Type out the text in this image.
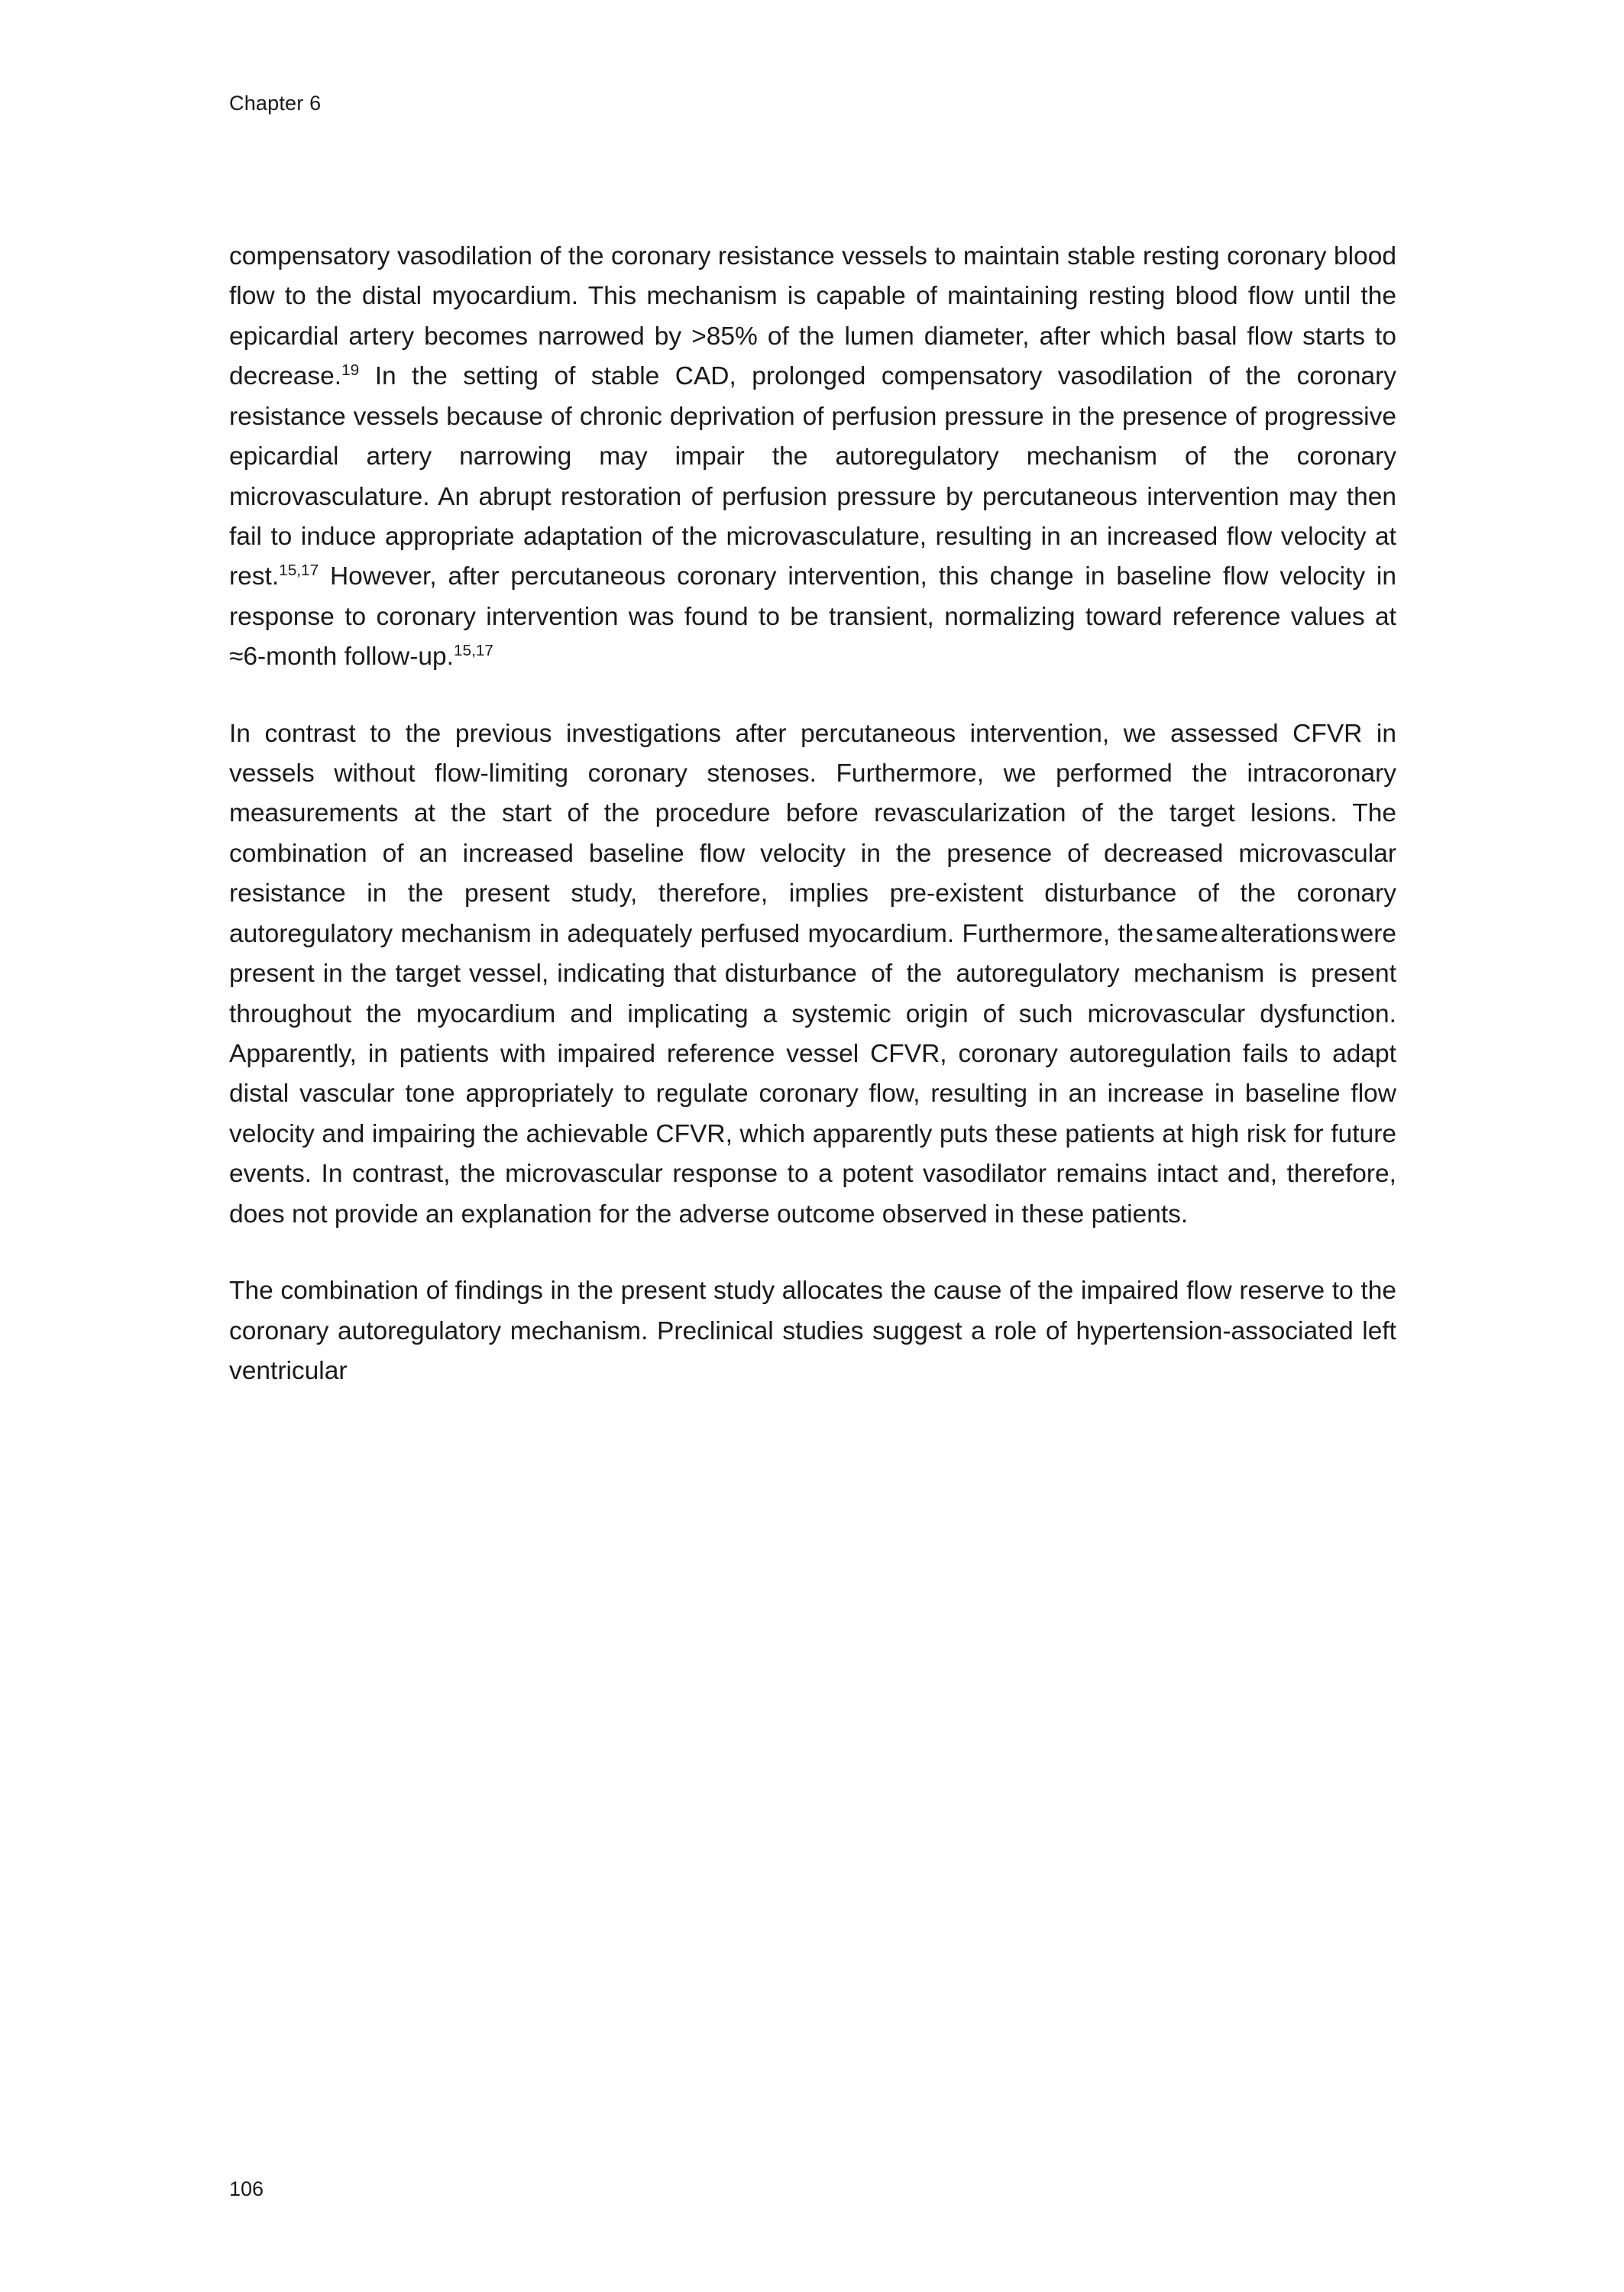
Chapter 6

compensatory vasodilation of the coronary resistance vessels to maintain stable resting coronary blood flow to the distal myocardium. This mechanism is capable of maintaining resting blood flow until the epicardial artery becomes narrowed by >85% of the lumen diameter, after which basal flow starts to decrease.$^{19}$ In the setting of stable CAD, prolonged compensatory vasodilation of the coronary resistance vessels because of chronic deprivation of perfusion pressure in the presence of progressive epicardial artery narrowing may impair the autoregulatory mechanism of the coronary microvasculature. An abrupt restoration of perfusion pressure by percutaneous intervention may then fail to induce appropriate adaptation of the microvasculature, resulting in an increased flow velocity at rest.$^{15,17}$ However, after percutaneous coronary intervention, this change in baseline flow velocity in response to coronary intervention was found to be transient, normalizing toward reference values at ≈6-month follow-up.$^{15,17}$

In contrast to the previous investigations after percutaneous intervention, we assessed CFVR in vessels without flow-limiting coronary stenoses. Furthermore, we performed the intracoronary measurements at the start of the procedure before revascularization of the target lesions. The combination of an increased baseline flow velocity in the presence of decreased microvascular resistance in the present study, therefore, implies pre-existent disturbance of the coronary autoregulatory mechanism in adequately perfused myocardium. Furthermore, the same alterations were present in the target vessel, indicating that disturbance of the autoregulatory mechanism is present throughout the myocardium and implicating a systemic origin of such microvascular dysfunction. Apparently, in patients with impaired reference vessel CFVR, coronary autoregulation fails to adapt distal vascular tone appropriately to regulate coronary flow, resulting in an increase in baseline flow velocity and impairing the achievable CFVR, which apparently puts these patients at high risk for future events. In contrast, the microvascular response to a potent vasodilator remains intact and, therefore, does not provide an explanation for the adverse outcome observed in these patients.

The combination of findings in the present study allocates the cause of the impaired flow reserve to the coronary autoregulatory mechanism. Preclinical studies suggest a role of hypertension-associated left ventricular

106
